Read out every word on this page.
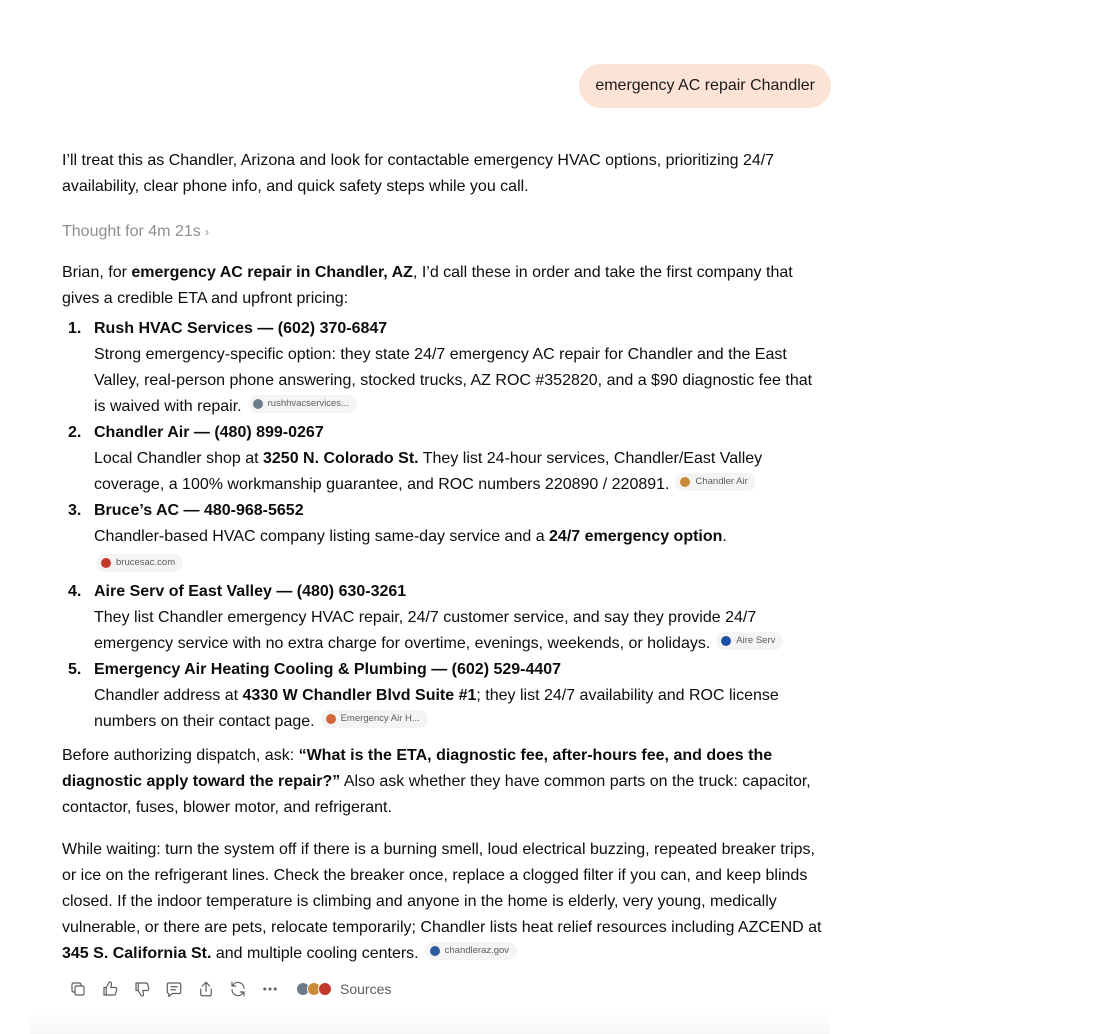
emergency AC repair Chandler

I’ll treat this as Chandler, Arizona and look for contactable emergency HVAC options, prioritizing 24/7 availability, clear phone info, and quick safety steps while you call.

Thought for 4m 21s ›

Brian, for emergency AC repair in Chandler, AZ, I’d call these in order and take the first company that gives a credible ETA and upfront pricing:

1. Rush HVAC Services — (602) 370-6847
Strong emergency-specific option: they state 24/7 emergency AC repair for Chandler and the East Valley, real-person phone answering, stocked trucks, AZ ROC #352820, and a $90 diagnostic fee that is waived with repair.	rushhvacservices...
2. Chandler Air — (480) 899-0267
Local Chandler shop at 3250 N. Colorado St. They list 24-hour services, Chandler/East Valley coverage, a 100% workmanship guarantee, and ROC numbers 220890 / 220891.	Chandler Air
3. Bruce’s AC — 480-968-5652
Chandler-based HVAC company listing same-day service and a 24/7 emergency option.
brucesac.com
4. Aire Serv of East Valley — (480) 630-3261
They list Chandler emergency HVAC repair, 24/7 customer service, and say they provide 24/7 emergency service with no extra charge for overtime, evenings, weekends, or holidays.	Aire Serv
5. Emergency Air Heating Cooling & Plumbing — (602) 529-4407
Chandler address at 4330 W Chandler Blvd Suite #1; they list 24/7 availability and ROC license numbers on their contact page.	Emergency Air H...

Before authorizing dispatch, ask: “What is the ETA, diagnostic fee, after-hours fee, and does the diagnostic apply toward the repair?” Also ask whether they have common parts on the truck: capacitor, contactor, fuses, blower motor, and refrigerant.

While waiting: turn the system off if there is a burning smell, loud electrical buzzing, repeated breaker trips, or ice on the refrigerant lines. Check the breaker once, replace a clogged filter if you can, and keep blinds closed. If the indoor temperature is climbing and anyone in the home is elderly, very young, medically vulnerable, or there are pets, relocate temporarily; Chandler lists heat relief resources including AZCEND at 345 S. California St. and multiple cooling centers.	chandleraz.gov

Sources
